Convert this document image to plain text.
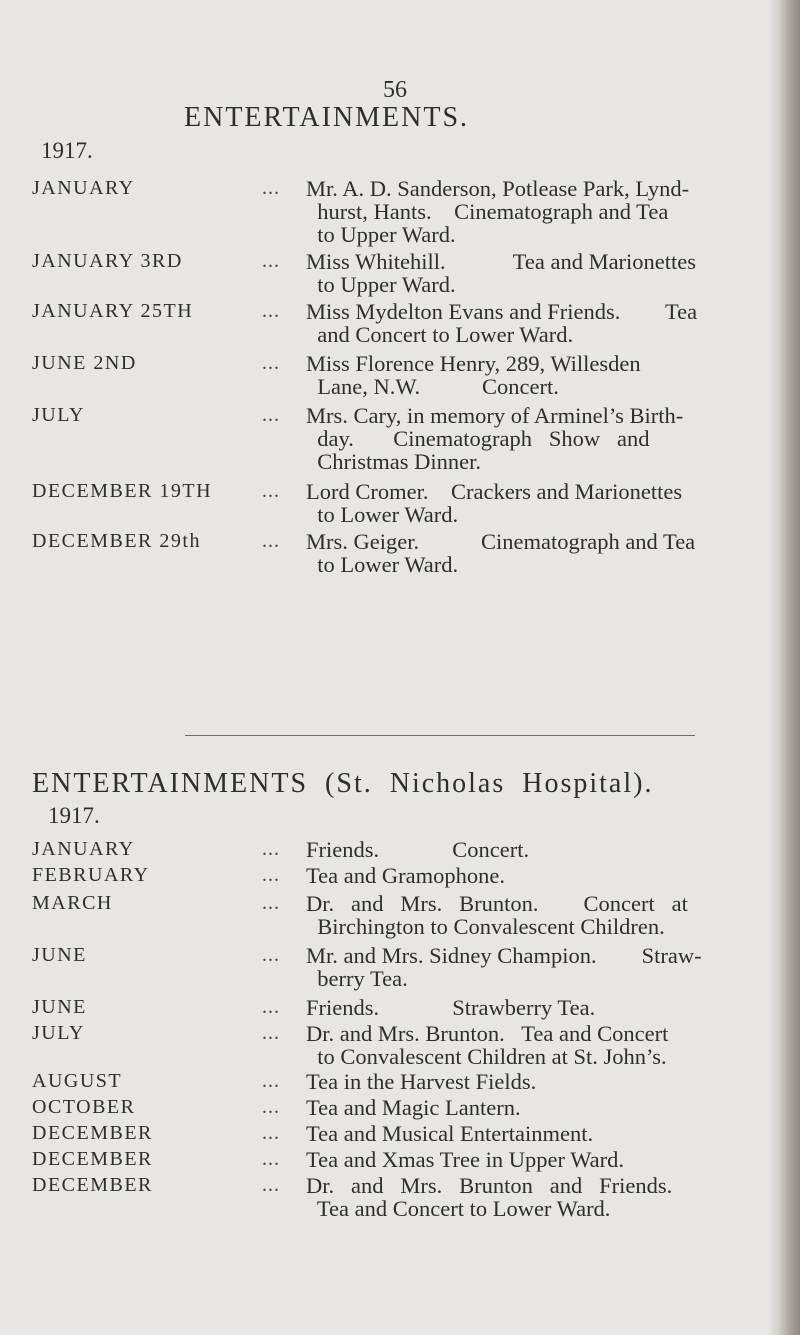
56
ENTERTAINMENTS.
1917.
JANUARY	... Mr. A. D. Sanderson, Potlease Park, Lynd-
hurst, Hants.    Cinematograph and Tea
to Upper Ward.
JANUARY 3RD	... Miss Whitehill.            Tea and Marionettes
to Upper Ward.
JANUARY 25TH	... Miss Mydelton Evans and Friends.        Tea
and Concert to Lower Ward.
JUNE 2ND	... Miss Florence Henry, 289, Willesden
Lane, N.W.           Concert.
JULY	... Mrs. Cary, in memory of Arminel’s Birth-
day.       Cinematograph   Show   and
Christmas Dinner.
DECEMBER 19TH ... Lord Cromer.    Crackers and Marionettes
to Lower Ward.
DECEMBER 29th	... Mrs. Geiger.           Cinematograph and Tea
to Lower Ward.
ENTERTAINMENTS (St. Nicholas Hospital).
1917.
JANUARY	... Friends.             Concert.
FEBRUARY	... Tea and Gramophone.
MARCH	... Dr.   and   Mrs.   Brunton.        Concert   at
Birchington to Convalescent Children.
JUNE	... Mr. and Mrs. Sidney Champion.        Straw-
berry Tea.
JUNE	... Friends.             Strawberry Tea.
JULY	... Dr. and Mrs. Brunton.   Tea and Concert
to Convalescent Children at St. John’s.
AUGUST	... Tea in the Harvest Fields.
OCTOBER	... Tea and Magic Lantern.
DECEMBER	... Tea and Musical Entertainment.
DECEMBER	... Tea and Xmas Tree in Upper Ward.
DECEMBER	... Dr.   and   Mrs.   Brunton   and   Friends.
Tea and Concert to Lower Ward.
